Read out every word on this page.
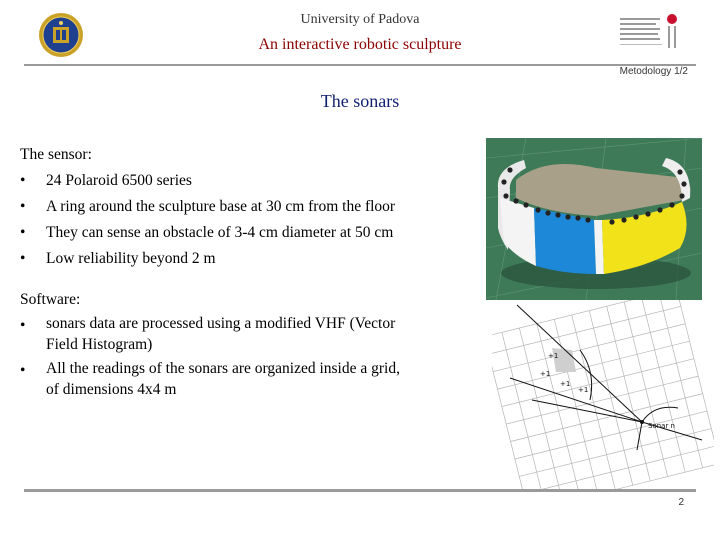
University of Padova
An interactive robotic sculpture
Metodology 1/2
The sonars
The sensor:
• 24 Polaroid 6500 series
• A ring around the sculpture base at 30 cm from the floor
• They can sense an obstacle of 3-4 cm diameter at 50 cm
• Low reliability beyond 2 m
Software:
• sonars data are processed using a modified VHF (Vector
Field Histogram)
• All the readings of the sonars are organized inside a grid,
of dimensions 4x4 m
+1
+1
+1
+1
Sonar n
2
